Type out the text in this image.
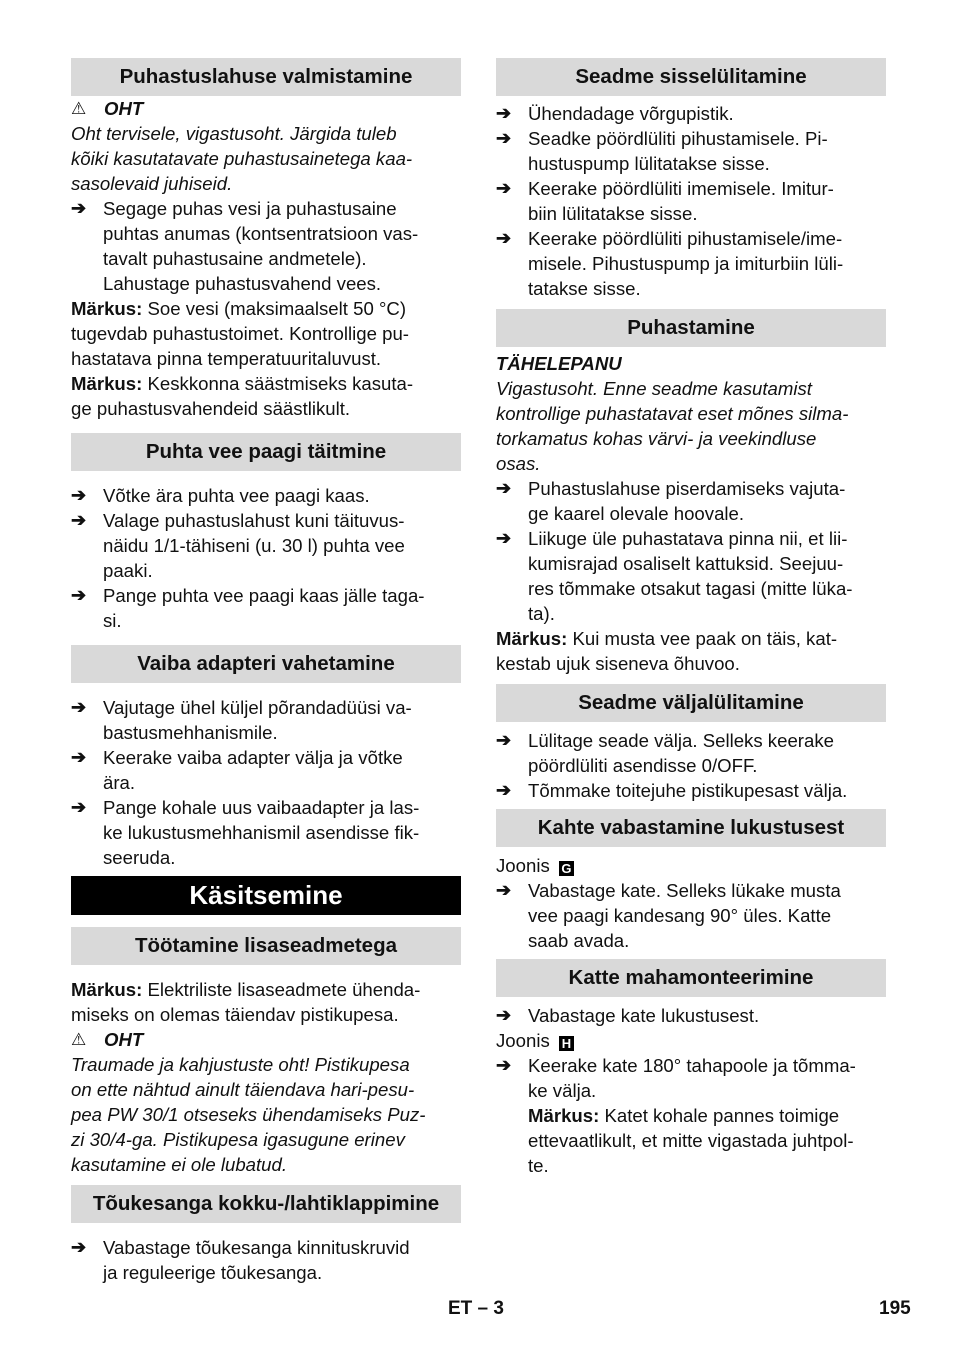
Puhastuslahuse valmistamine
⚠ OHT
Oht tervisele, vigastusoht. Järgida tuleb
kõiki kasutatavate puhastusainetega kaa-
sasolevaid juhiseid.
➔ Segage puhas vesi ja puhastusaine
puhtas anumas (kontsentratsioon vas-
tavalt puhastusaine andmetele).
Lahustage puhastusvahend vees.
Märkus: Soe vesi (maksimaalselt 50 °C)
tugevdab puhastustoimet. Kontrollige pu-
hastatava pinna temperatuuritaluvust.
Märkus: Keskkonna säästmiseks kasuta-
ge puhastusvahendeid säästlikult.
Puhta vee paagi täitmine
➔ Võtke ära puhta vee paagi kaas.
➔ Valage puhastuslahust kuni täituvus-
näidu 1/1-tähiseni (u. 30 l) puhta vee
paaki.
➔ Pange puhta vee paagi kaas jälle taga-
si.
Vaiba adapteri vahetamine
➔ Vajutage ühel küljel põrandadüüsi va-
bastusmehhanismile.
➔ Keerake vaiba adapter välja ja võtke
ära.
➔ Pange kohale uus vaibaadapter ja las-
ke lukustusmehhanismil asendisse fik-
seeruda.
Käsitsemine
Töötamine lisaseadmetega
Märkus: Elektriliste lisaseadmete ühenda-
miseks on olemas täiendav pistikupesa.
⚠ OHT
Traumade ja kahjustuste oht! Pistikupesa
on ette nähtud ainult täiendava hari-pesu-
pea PW 30/1 otseseks ühendamiseks Puz-
zi 30/4-ga. Pistikupesa igasugune erinev
kasutamine ei ole lubatud.
Tõukesanga kokku-/lahtiklappimine
➔ Vabastage tõukesanga kinnituskruvid
ja reguleerige tõukesanga.
Seadme sisselülitamine
➔ Ühendadage võrgupistik.
➔ Seadke pöördlüliti pihustamisele. Pi-
hustuspump lülitatakse sisse.
➔ Keerake pöördlüliti imemisele. Imitur-
biin lülitatakse sisse.
➔ Keerake pöördlüliti pihustamisele/ime-
misele. Pihustuspump ja imiturbiin lüli-
tatakse sisse.
Puhastamine
TÄHELEPANU
Vigastusoht. Enne seadme kasutamist
kontrollige puhastatavat eset mõnes silma-
torkamatus kohas värvi- ja veekindluse
osas.
➔ Puhastuslahuse piserdamiseks vajuta-
ge kaarel olevale hoovale.
➔ Liikuge üle puhastatava pinna nii, et lii-
kumisrajad osaliselt kattuksid. Seejuu-
res tõmmake otsakut tagasi (mitte lüka-
ta).
Märkus: Kui musta vee paak on täis, kat-
kestab ujuk siseneva õhuvoo.
Seadme väljalülitamine
➔ Lülitage seade välja. Selleks keerake
pöördlüliti asendisse 0/OFF.
➔ Tõmmake toitejuhe pistikupesast välja.
Kahte vabastamine lukustusest
Joonis G
➔ Vabastage kate. Selleks lükake musta
vee paagi kandesang 90° üles. Katte
saab avada.
Katte mahamonteerimine
➔ Vabastage kate lukustusest.
Joonis H
➔ Keerake kate 180° tahapoole ja tõmma-
ke välja.
Märkus: Katet kohale pannes toimige
ettevaatlikult, et mitte vigastada juhtpol-
te.
ET – 3	195
